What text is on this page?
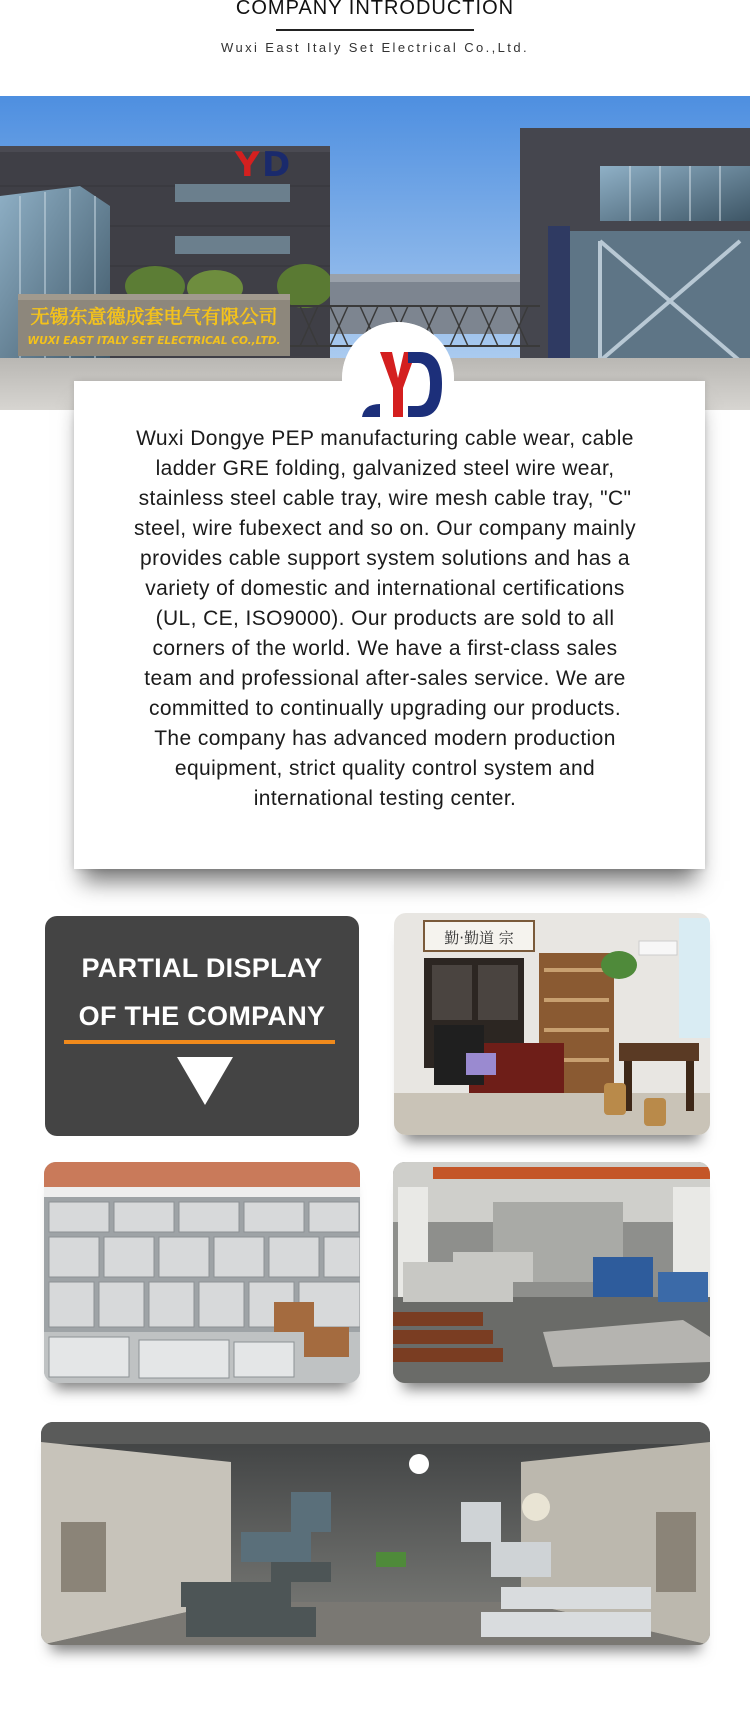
COMPANY INTRODUCTION
Wuxi East Italy Set Electrical Co.,Ltd.
Y D
无锡东意德成套电气有限公司
WUXI EAST ITALY SET ELECTRICAL CO.,LTD.
Wuxi Dongye PEP manufacturing cable wear, cable
ladder GRE folding, galvanized steel wire wear,
stainless steel cable tray, wire mesh cable tray, "C"
steel, wire fubexect and so on. Our company mainly
provides cable support system solutions and has a
variety of domestic and international certifications
(UL, CE, ISO9000). Our products are sold to all
corners of the world. We have a first-class sales
team and professional after-sales service. We are
committed to continually upgrading our products.
The company has advanced modern production
equipment, strict quality control system and
international testing center.
PARTIAL DISPLAY
OF THE COMPANY
勤·勤道 宗
